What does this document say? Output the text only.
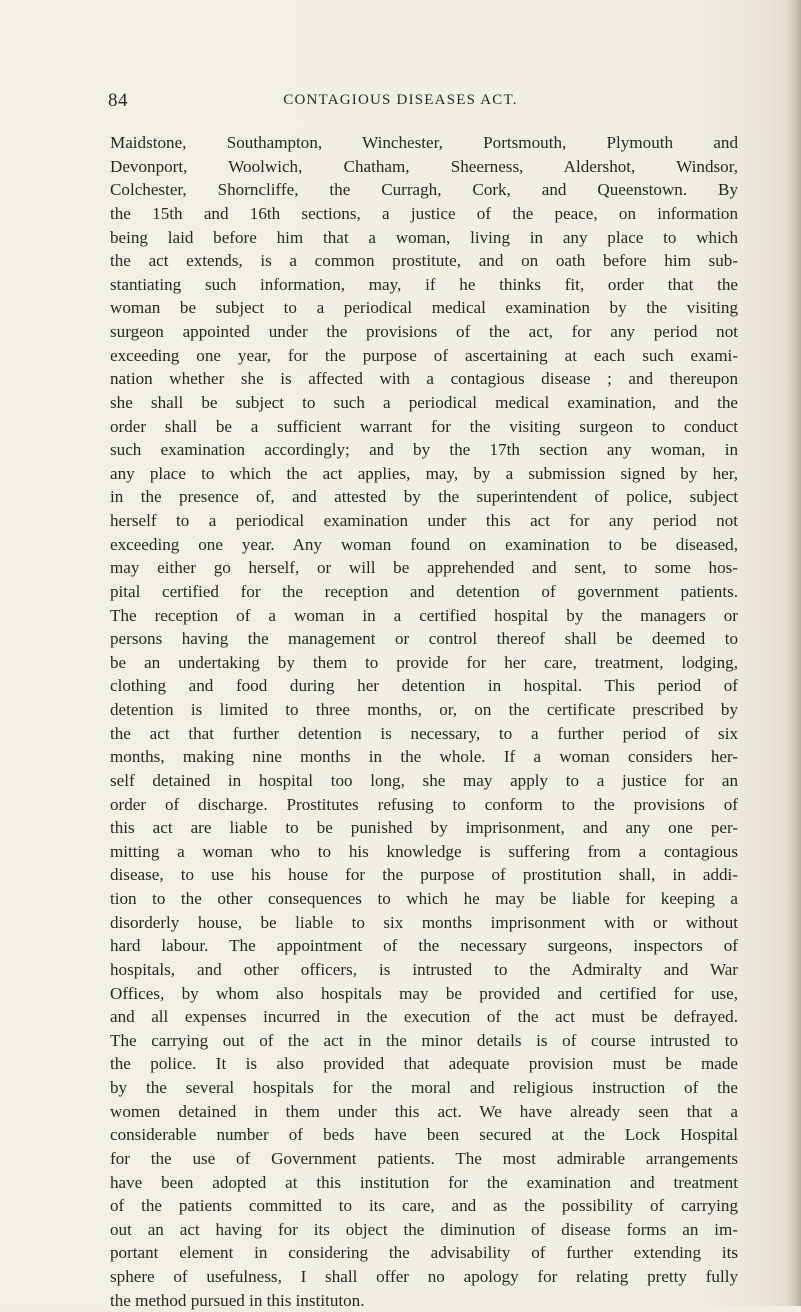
84	CONTAGIOUS DISEASES ACT.
Maidstone, Southampton, Winchester, Portsmouth, Plymouth and
Devonport, Woolwich, Chatham, Sheerness, Aldershot, Windsor,
Colchester, Shorncliffe, the Curragh, Cork, and Queenstown. By
the 15th and 16th sections, a justice of the peace, on information
being laid before him that a woman, living in any place to which
the act extends, is a common prostitute, and on oath before him sub-
stantiating such information, may, if he thinks fit, order that the
woman be subject to a periodical medical examination by the visiting
surgeon appointed under the provisions of the act, for any period not
exceeding one year, for the purpose of ascertaining at each such exami-
nation whether she is affected with a contagious disease ; and thereupon
she shall be subject to such a periodical medical examination, and the
order shall be a sufficient warrant for the visiting surgeon to conduct
such examination accordingly; and by the 17th section any woman, in
any place to which the act applies, may, by a submission signed by her,
in the presence of, and attested by the superintendent of police, subject
herself to a periodical examination under this act for any period not
exceeding one year. Any woman found on examination to be diseased,
may either go herself, or will be apprehended and sent, to some hos-
pital certified for the reception and detention of government patients.
The reception of a woman in a certified hospital by the managers or
persons having the management or control thereof shall be deemed to
be an undertaking by them to provide for her care, treatment, lodging,
clothing and food during her detention in hospital. This period of
detention is limited to three months, or, on the certificate prescribed by
the act that further detention is necessary, to a further period of six
months, making nine months in the whole. If a woman considers her-
self detained in hospital too long, she may apply to a justice for an
order of discharge. Prostitutes refusing to conform to the provisions of
this act are liable to be punished by imprisonment, and any one per-
mitting a woman who to his knowledge is suffering from a contagious
disease, to use his house for the purpose of prostitution shall, in addi-
tion to the other consequences to which he may be liable for keeping a
disorderly house, be liable to six months imprisonment with or without
hard labour. The appointment of the necessary surgeons, inspectors of
hospitals, and other officers, is intrusted to the Admiralty and War
Offices, by whom also hospitals may be provided and certified for use,
and all expenses incurred in the execution of the act must be defrayed.
The carrying out of the act in the minor details is of course intrusted to
the police. It is also provided that adequate provision must be made
by the several hospitals for the moral and religious instruction of the
women detained in them under this act. We have already seen that a
considerable number of beds have been secured at the Lock Hospital
for the use of Government patients. The most admirable arrangements
have been adopted at this institution for the examination and treatment
of the patients committed to its care, and as the possibility of carrying
out an act having for its object the diminution of disease forms an im-
portant element in considering the advisability of further extending its
sphere of usefulness, I shall offer no apology for relating pretty fully
the method pursued in this instituton.
